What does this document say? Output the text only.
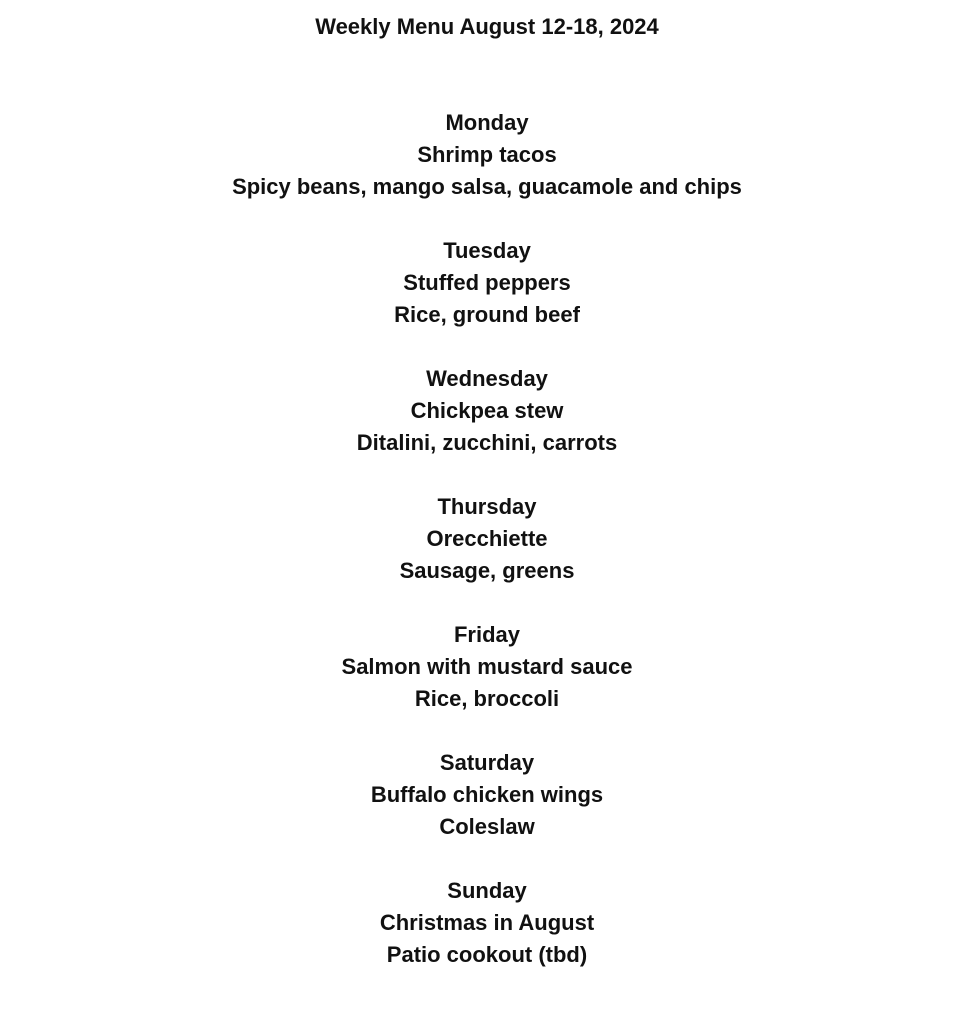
Weekly Menu August 12-18, 2024
Monday
Shrimp tacos
Spicy beans, mango salsa, guacamole and chips
Tuesday
Stuffed peppers
Rice, ground beef
Wednesday
Chickpea stew
Ditalini, zucchini, carrots
Thursday
Orecchiette
Sausage, greens
Friday
Salmon with mustard sauce
Rice, broccoli
Saturday
Buffalo chicken wings
Coleslaw
Sunday
Christmas in August
Patio cookout (tbd)
